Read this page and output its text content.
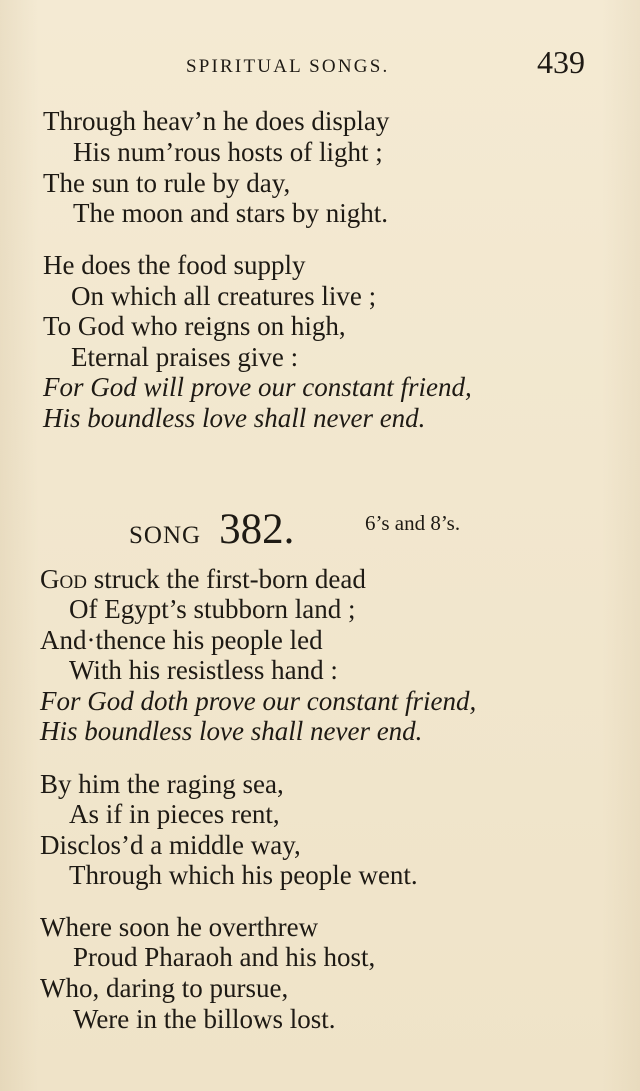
SPIRITUAL SONGS.	439
Through heav’n he does display
His num’rous hosts of light ;
The sun to rule by day,
The moon and stars by night.
He does the food supply
On which all creatures live ;
To God who reigns on high,
Eternal praises give :
For God will prove our constant friend,
His boundless love shall never end.
SONG 382.	6’s and 8’s.
God struck the first-born dead
Of Egypt’s stubborn land ;
And·thence his people led
With his resistless hand :
For God doth prove our constant friend,
His boundless love shall never end.
By him the raging sea,
As if in pieces rent,
Disclos’d a middle way,
Through which his people went.
Where soon he overthrew
Proud Pharaoh and his host,
Who, daring to pursue,
Were in the billows lost.
